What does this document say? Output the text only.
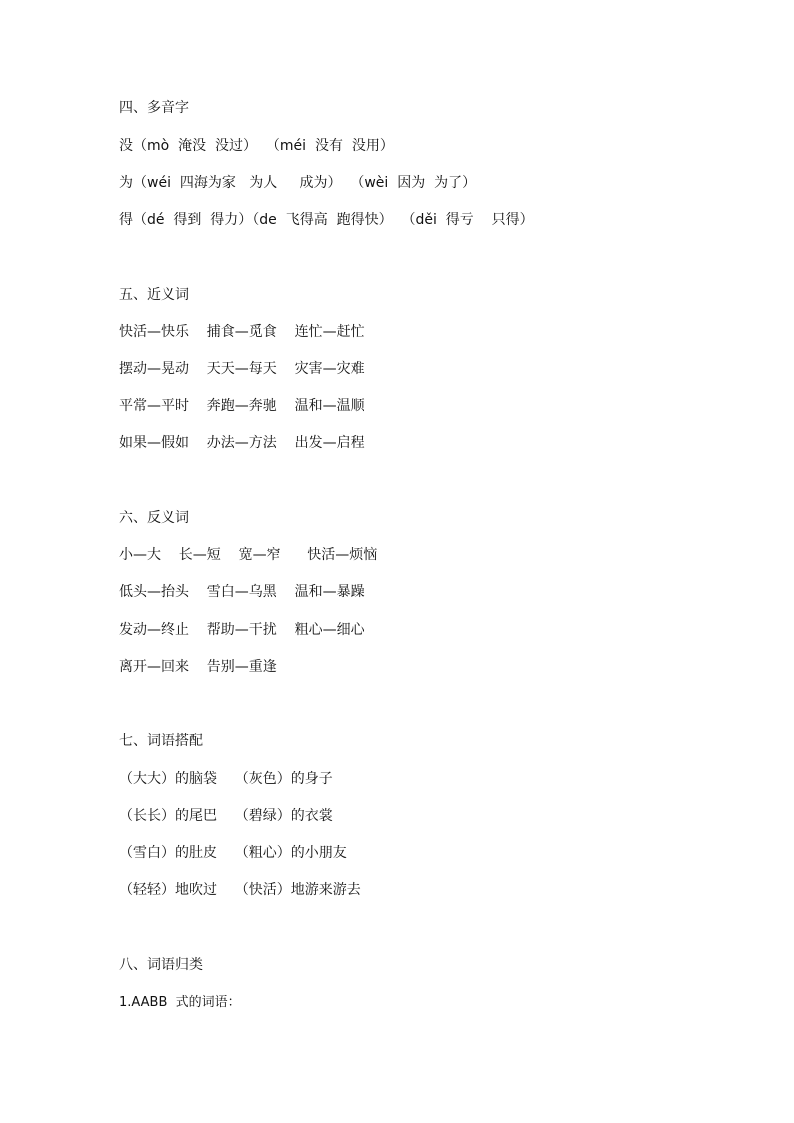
四、多音字
没（mò  淹没  没过）  （méi  没有  没用）
为（wéi  四海为家   为人     成为）  （wèi  因为  为了）
得（dé  得到  得力）（de  飞得高  跑得快）  （děi  得亏    只得）
五、近义词
快活—快乐    捕食—觅食    连忙—赶忙
摆动—晃动    天天—每天    灾害—灾难
平常—平时    奔跑—奔驰    温和—温顺
如果—假如    办法—方法    出发—启程
六、反义词
小—大    长—短    宽—窄      快活—烦恼
低头—抬头    雪白—乌黑    温和—暴躁
发动—终止    帮助—干扰    粗心—细心
离开—回来    告别—重逢
七、词语搭配
（大大）的脑袋    （灰色）的身子
（长长）的尾巴    （碧绿）的衣裳
（雪白）的肚皮    （粗心）的小朋友
（轻轻）地吹过    （快活）地游来游去
八、词语归类
1.AABB  式的词语：
